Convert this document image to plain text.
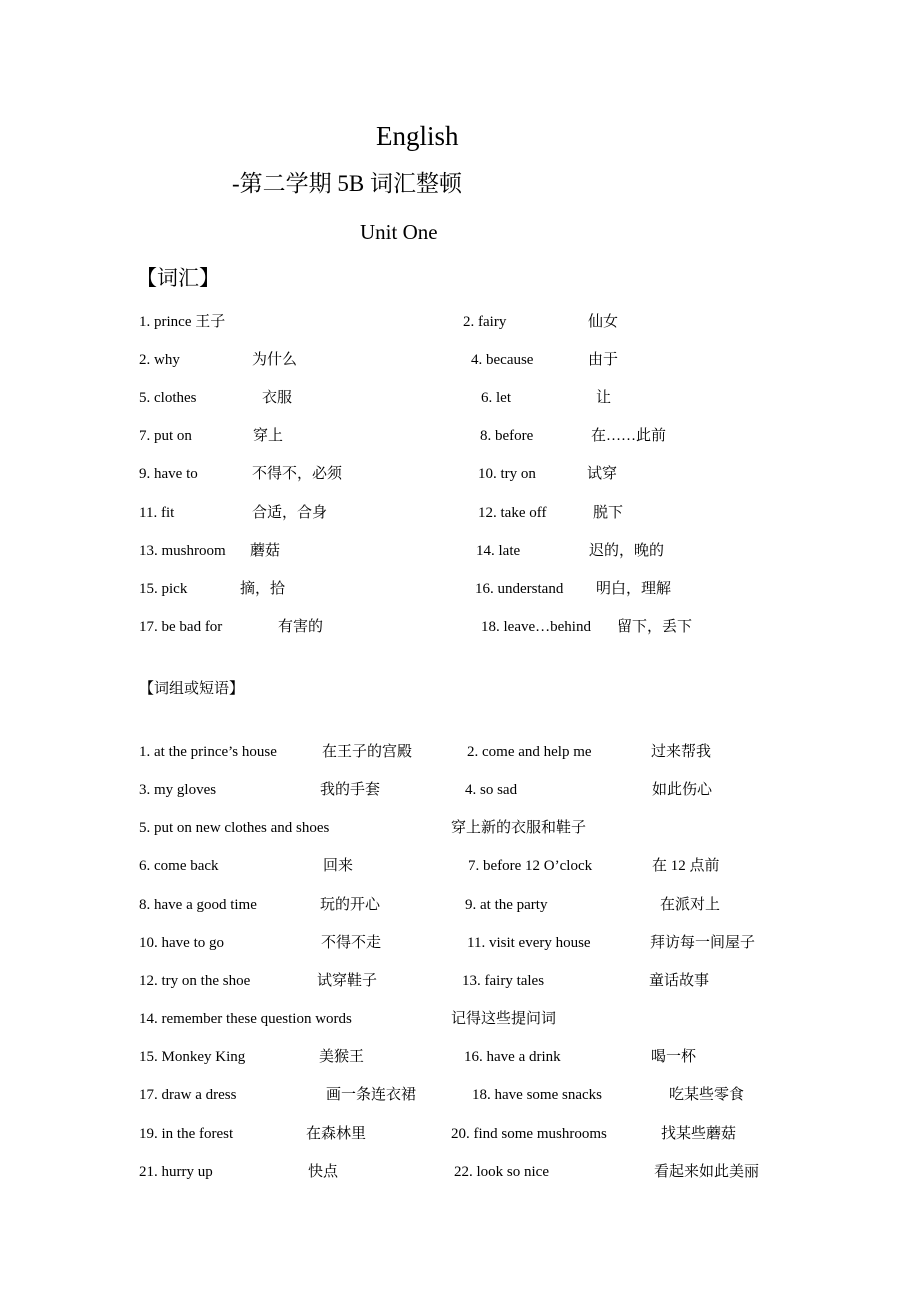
English
-第二学期 5B 词汇整顿
Unit One
【词汇】
1. prince 王子	2. fairy	仙女
2. why	为什么	4. because	由于
5. clothes	衣服	6. let	让
7. put on	穿上	8. before	在……此前
9. have to	不得不，必须	10. try on	试穿
11. fit	合适，合身	12. take off	脱下
13. mushroom 蘑菇	14. late	迟的，晚的
15. pick	摘，拾	16. understand 明白，理解
17. be bad for	有害的	18. leave…behind 留下，丢下
【词组或短语】
1. at the prince’s house	在王子的宫殿	2. come and help me	过来帮我
3. my gloves	我的手套	4. so sad	如此伤心
5. put on new clothes and shoes	穿上新的衣服和鞋子
6. come back	回来	7. before 12 O’clock	在 12 点前
8. have a good time	玩的开心	9. at the party	在派对上
10. have to go	不得不走	11. visit every house	拜访每一间屋子
12. try on the shoe	试穿鞋子	13. fairy tales	童话故事
14. remember these question words	记得这些提问词
15. Monkey King	美猴王	16. have a drink	喝一杯
17. draw a dress	画一条连衣裙	18. have some snacks	吃某些零食
19. in the forest	在森林里	20. find some mushrooms	找某些蘑菇
21. hurry up	快点	22. look so nice	看起来如此美丽
